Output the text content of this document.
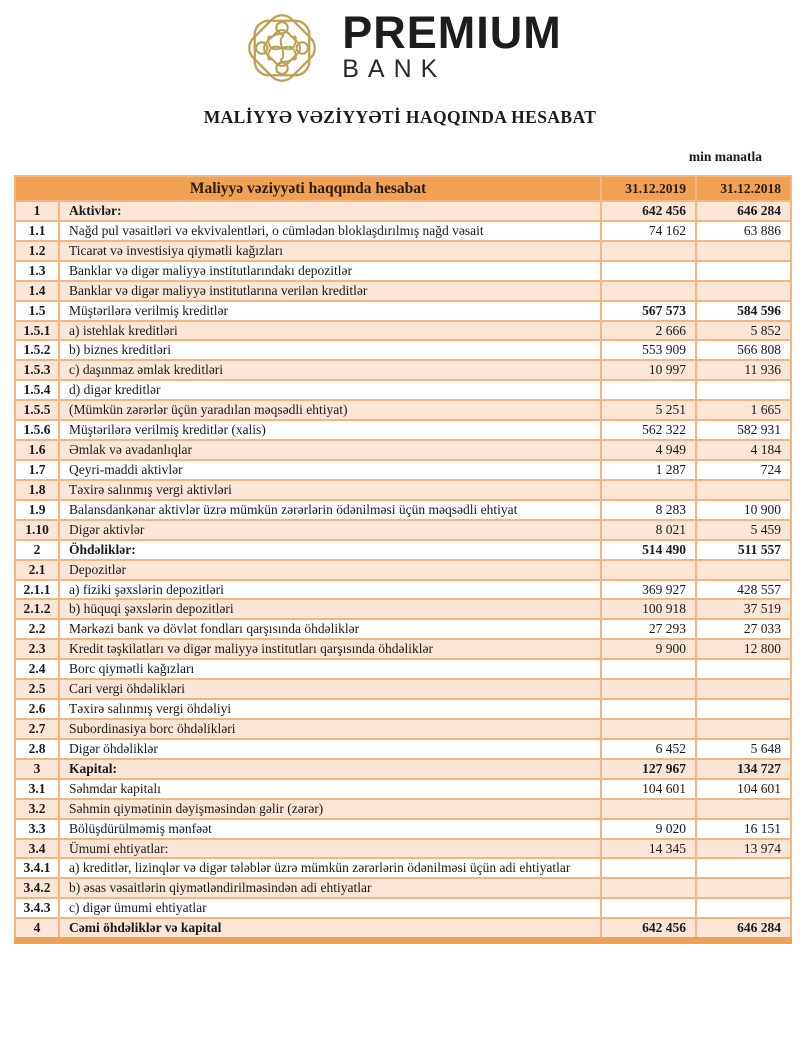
PREMIUM
BANK
MALİYYƏ VƏZİYYƏTİ HAQQINDA HESABAT
min manatla
Maliyyə vəziyyəti haqqında hesabat		31.12.2019	31.12.2018
1	Aktivlər:	642 456	646 284
1.1	Nağd pul vəsaitləri və ekvivalentləri, o cümlədən bloklaşdırılmış nağd vəsait	74 162	63 886
1.2	Ticarət və investisiya qiymətli kağızları		
1.3	Banklar və digər maliyyə institutlarındakı depozitlər		
1.4	Banklar və digər maliyyə institutlarına verilən kreditlər		
1.5	Müştərilərə verilmiş kreditlər	567 573	584 596
1.5.1	a) istehlak kreditləri	2 666	5 852
1.5.2	b) biznes kreditləri	553 909	566 808
1.5.3	c) daşınmaz əmlak kreditləri	10 997	11 936
1.5.4	d) digər kreditlər		
1.5.5	(Mümkün zərərlər üçün yaradılan məqsədli ehtiyat)	5 251	1 665
1.5.6	Müştərilərə verilmiş kreditlər (xalis)	562 322	582 931
1.6	Əmlak və avadanlıqlar	4 949	4 184
1.7	Qeyri-maddi aktivlər	1 287	724
1.8	Təxirə salınmış vergi aktivləri		
1.9	Balansdankənar aktivlər üzrə mümkün zərərlərin ödənilməsi üçün məqsədli ehtiyat	8 283	10 900
1.10	Digər aktivlər	8 021	5 459
2	Öhdəliklər:	514 490	511 557
2.1	Depozitlər		
2.1.1	a) fiziki şəxslərin depozitləri	369 927	428 557
2.1.2	b) hüquqi şəxslərin depozitləri	100 918	37 519
2.2	Mərkəzi bank və dövlət fondları qarşısında öhdəliklər	27 293	27 033
2.3	Kredit təşkilatları və digər maliyyə institutları qarşısında öhdəliklər	9 900	12 800
2.4	Borc qiymətli kağızları		
2.5	Cari vergi öhdəlikləri		
2.6	Təxirə salınmış vergi öhdəliyi		
2.7	Subordinasiya borc öhdəlikləri		
2.8	Digər öhdəliklər	6 452	5 648
3	Kapital:	127 967	134 727
3.1	Səhmdar kapitalı	104 601	104 601
3.2	Səhmin qiymətinin dəyişməsindən gəlir (zərər)		
3.3	Bölüşdürülməmiş mənfəət	9 020	16 151
3.4	Ümumi ehtiyatlar:	14 345	13 974
3.4.1	a) kreditlər, lizinqlər və digər tələblər üzrə mümkün zərərlərin ödənilməsi üçün adi ehtiyatlar		
3.4.2	b) əsas vəsaitlərin qiymətləndirilməsindən adi ehtiyatlar		
3.4.3	c) digər ümumi ehtiyatlar		
4	Cəmi öhdəliklər və kapital	642 456	646 284
